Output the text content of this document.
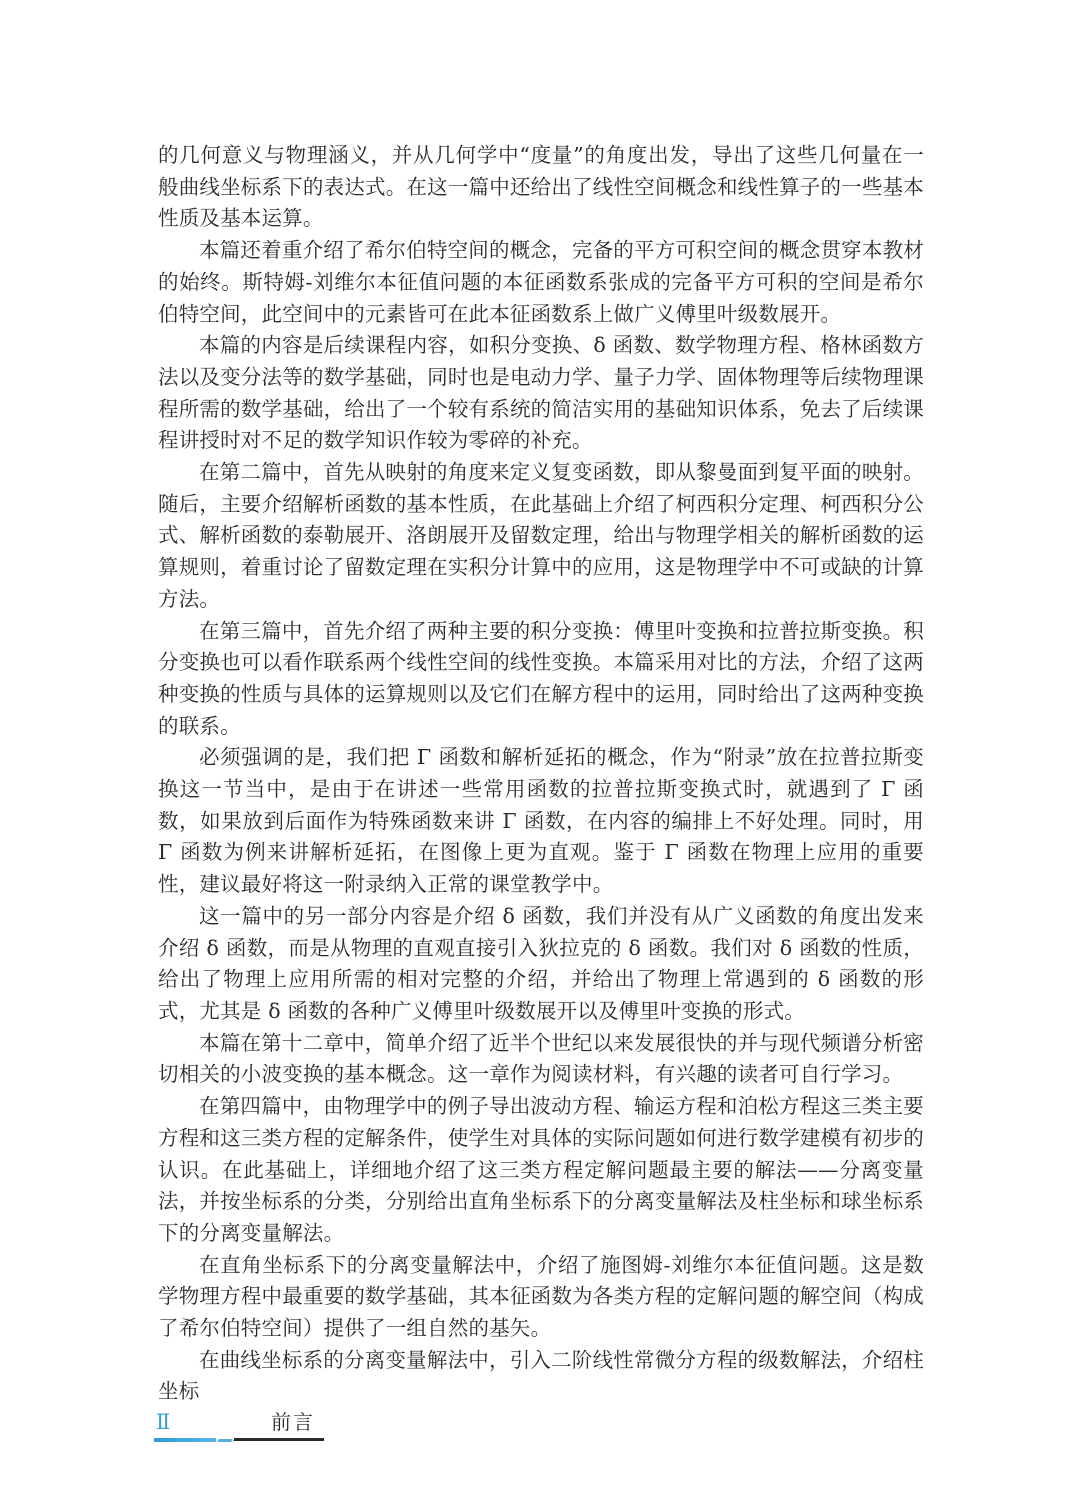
的几何意义与物理涵义，并从几何学中“度量”的角度出发，导出了这些几何量在一般曲线坐标系下的表达式。在这一篇中还给出了线性空间概念和线性算子的一些基本性质及基本运算。

本篇还着重介绍了希尔伯特空间的概念，完备的平方可积空间的概念贯穿本教材的始终。斯特姆-刘维尔本征值问题的本征函数系张成的完备平方可积的空间是希尔伯特空间，此空间中的元素皆可在此本征函数系上做广义傅里叶级数展开。

本篇的内容是后续课程内容，如积分变换、δ 函数、数学物理方程、格林函数方法以及变分法等的数学基础，同时也是电动力学、量子力学、固体物理等后续物理课程所需的数学基础，给出了一个较有系统的简洁实用的基础知识体系，免去了后续课程讲授时对不足的数学知识作较为零碎的补充。

在第二篇中，首先从映射的角度来定义复变函数，即从黎曼面到复平面的映射。随后，主要介绍解析函数的基本性质，在此基础上介绍了柯西积分定理、柯西积分公式、解析函数的泰勒展开、洛朗展开及留数定理，给出与物理学相关的解析函数的运算规则，着重讨论了留数定理在实积分计算中的应用，这是物理学中不可或缺的计算方法。

在第三篇中，首先介绍了两种主要的积分变换：傅里叶变换和拉普拉斯变换。积分变换也可以看作联系两个线性空间的线性变换。本篇采用对比的方法，介绍了这两种变换的性质与具体的运算规则以及它们在解方程中的运用，同时给出了这两种变换的联系。

必须强调的是，我们把 Γ 函数和解析延拓的概念，作为“附录”放在拉普拉斯变换这一节当中，是由于在讲述一些常用函数的拉普拉斯变换式时，就遇到了 Γ 函数，如果放到后面作为特殊函数来讲 Γ 函数，在内容的编排上不好处理。同时，用 Γ 函数为例来讲解析延拓，在图像上更为直观。鉴于 Γ 函数在物理上应用的重要性，建议最好将这一附录纳入正常的课堂教学中。

这一篇中的另一部分内容是介绍 δ 函数，我们并没有从广义函数的角度出发来介绍 δ 函数，而是从物理的直观直接引入狄拉克的 δ 函数。我们对 δ 函数的性质，给出了物理上应用所需的相对完整的介绍，并给出了物理上常遇到的 δ 函数的形式，尤其是 δ 函数的各种广义傅里叶级数展开以及傅里叶变换的形式。

本篇在第十二章中，简单介绍了近半个世纪以来发展很快的并与现代频谱分析密切相关的小波变换的基本概念。这一章作为阅读材料，有兴趣的读者可自行学习。

在第四篇中，由物理学中的例子导出波动方程、输运方程和泊松方程这三类主要方程和这三类方程的定解条件，使学生对具体的实际问题如何进行数学建模有初步的认识。在此基础上，详细地介绍了这三类方程定解问题最主要的解法——分离变量法，并按坐标系的分类，分别给出直角坐标系下的分离变量解法及柱坐标和球坐标系下的分离变量解法。

在直角坐标系下的分离变量解法中，介绍了施图姆-刘维尔本征值问题。这是数学物理方程中最重要的数学基础，其本征函数为各类方程的定解问题的解空间（构成了希尔伯特空间）提供了一组自然的基矢。

在曲线坐标系的分离变量解法中，引入二阶线性常微分方程的级数解法，介绍柱坐标

Ⅱ	前言
